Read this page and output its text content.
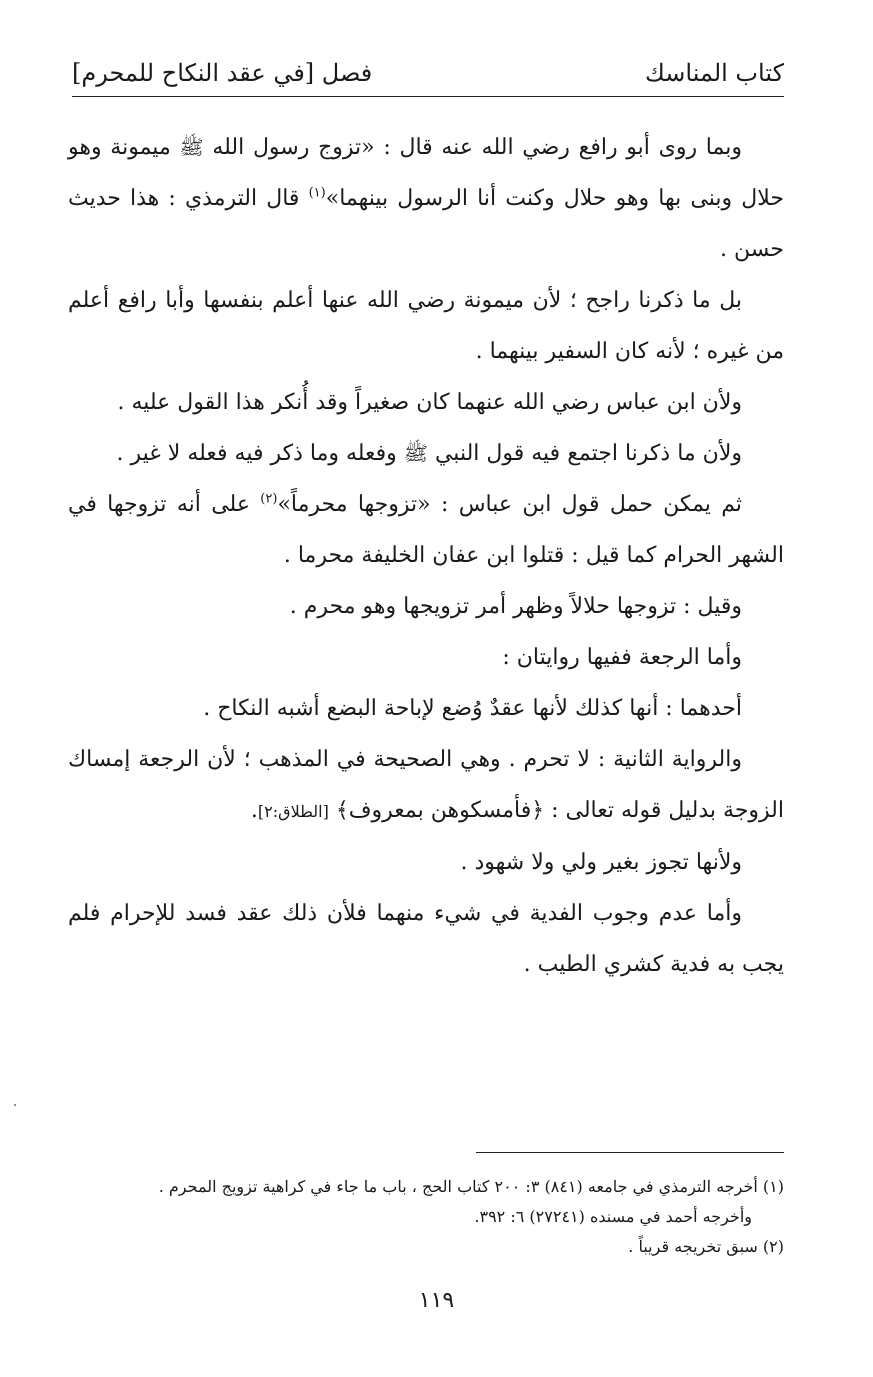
كتاب المناسك
فصل [في عقد النكاح للمحرم]

وبما روى أبو رافع رضي الله عنه قال : «تزوج رسول الله ﷺ ميمونة وهو حلال وبنى بها وهو حلال وكنت أنا الرسول بينهما»$^{(١)}$ قال الترمذي : هذا حديث حسن .

بل ما ذكرنا راجح ؛ لأن ميمونة رضي الله عنها أعلم بنفسها وأبا رافع أعلم من غيره ؛ لأنه كان السفير بينهما .

ولأن ابن عباس رضي الله عنهما كان صغيراً وقد أُنكر هذا القول عليه .

ولأن ما ذكرنا اجتمع فيه قول النبي ﷺ وفعله وما ذكر فيه فعله لا غير .

ثم يمكن حمل قول ابن عباس : «تزوجها محرماً»$^{(٢)}$ على أنه تزوجها في الشهر الحرام كما قيل : قتلوا ابن عفان الخليفة محرما .

وقيل : تزوجها حلالاً وظهر أمر تزويجها وهو محرم .

وأما الرجعة ففيها روايتان :

أحدهما : أنها كذلك لأنها عقدٌ وُضع لإباحة البضع أشبه النكاح .

والرواية الثانية : لا تحرم . وهي الصحيحة في المذهب ؛ لأن الرجعة إمساك الزوجة بدليل قوله تعالى : ﴿فأمسكوهن بمعروف﴾ [الطلاق:٢].

ولأنها تجوز بغير ولي ولا شهود .

وأما عدم وجوب الفدية في شيء منهما فلأن ذلك عقد فسد للإحرام فلم يجب به فدية كشري الطيب .

(١) أخرجه الترمذي في جامعه (٨٤١) ٣: ٢٠٠ كتاب الحج ، باب ما جاء في كراهية تزويج المحرم .

وأخرجه أحمد في مسنده (٢٧٢٤١) ٦: ٣٩٢.

(٢) سبق تخريجه قريباً .

١١٩
